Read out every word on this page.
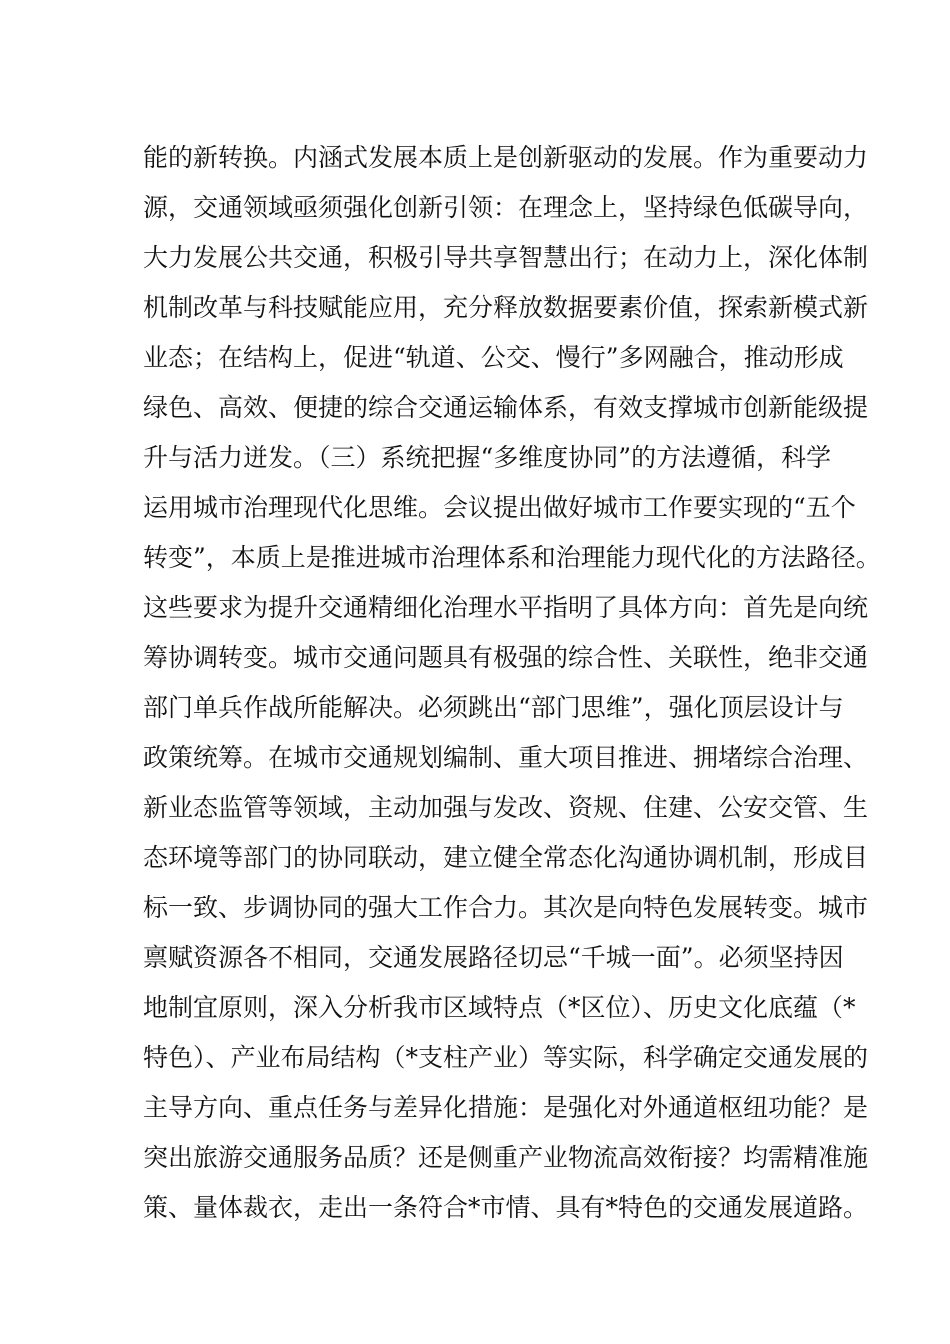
能的新转换。内涵式发展本质上是创新驱动的发展。作为重要动力
源，交通领域亟须强化创新引领：在理念上，坚持绿色低碳导向，
大力发展公共交通，积极引导共享智慧出行；在动力上，深化体制
机制改革与科技赋能应用，充分释放数据要素价值，探索新模式新
业态；在结构上，促进“轨道、公交、慢行”多网融合，推动形成
绿色、高效、便捷的综合交通运输体系，有效支撑城市创新能级提
升与活力迸发。（三）系统把握“多维度协同”的方法遵循，科学
运用城市治理现代化思维。会议提出做好城市工作要实现的“五个
转变”，本质上是推进城市治理体系和治理能力现代化的方法路径。
这些要求为提升交通精细化治理水平指明了具体方向：首先是向统
筹协调转变。城市交通问题具有极强的综合性、关联性，绝非交通
部门单兵作战所能解决。必须跳出“部门思维”，强化顶层设计与
政策统筹。在城市交通规划编制、重大项目推进、拥堵综合治理、
新业态监管等领域，主动加强与发改、资规、住建、公安交管、生
态环境等部门的协同联动，建立健全常态化沟通协调机制，形成目
标一致、步调协同的强大工作合力。其次是向特色发展转变。城市
禀赋资源各不相同，交通发展路径切忌“千城一面”。必须坚持因
地制宜原则，深入分析我市区域特点（*区位）、历史文化底蕴（*
特色）、产业布局结构（*支柱产业）等实际，科学确定交通发展的
主导方向、重点任务与差异化措施：是强化对外通道枢纽功能？是
突出旅游交通服务品质？还是侧重产业物流高效衔接？均需精准施
策、量体裁衣，走出一条符合*市情、具有*特色的交通发展道路。
